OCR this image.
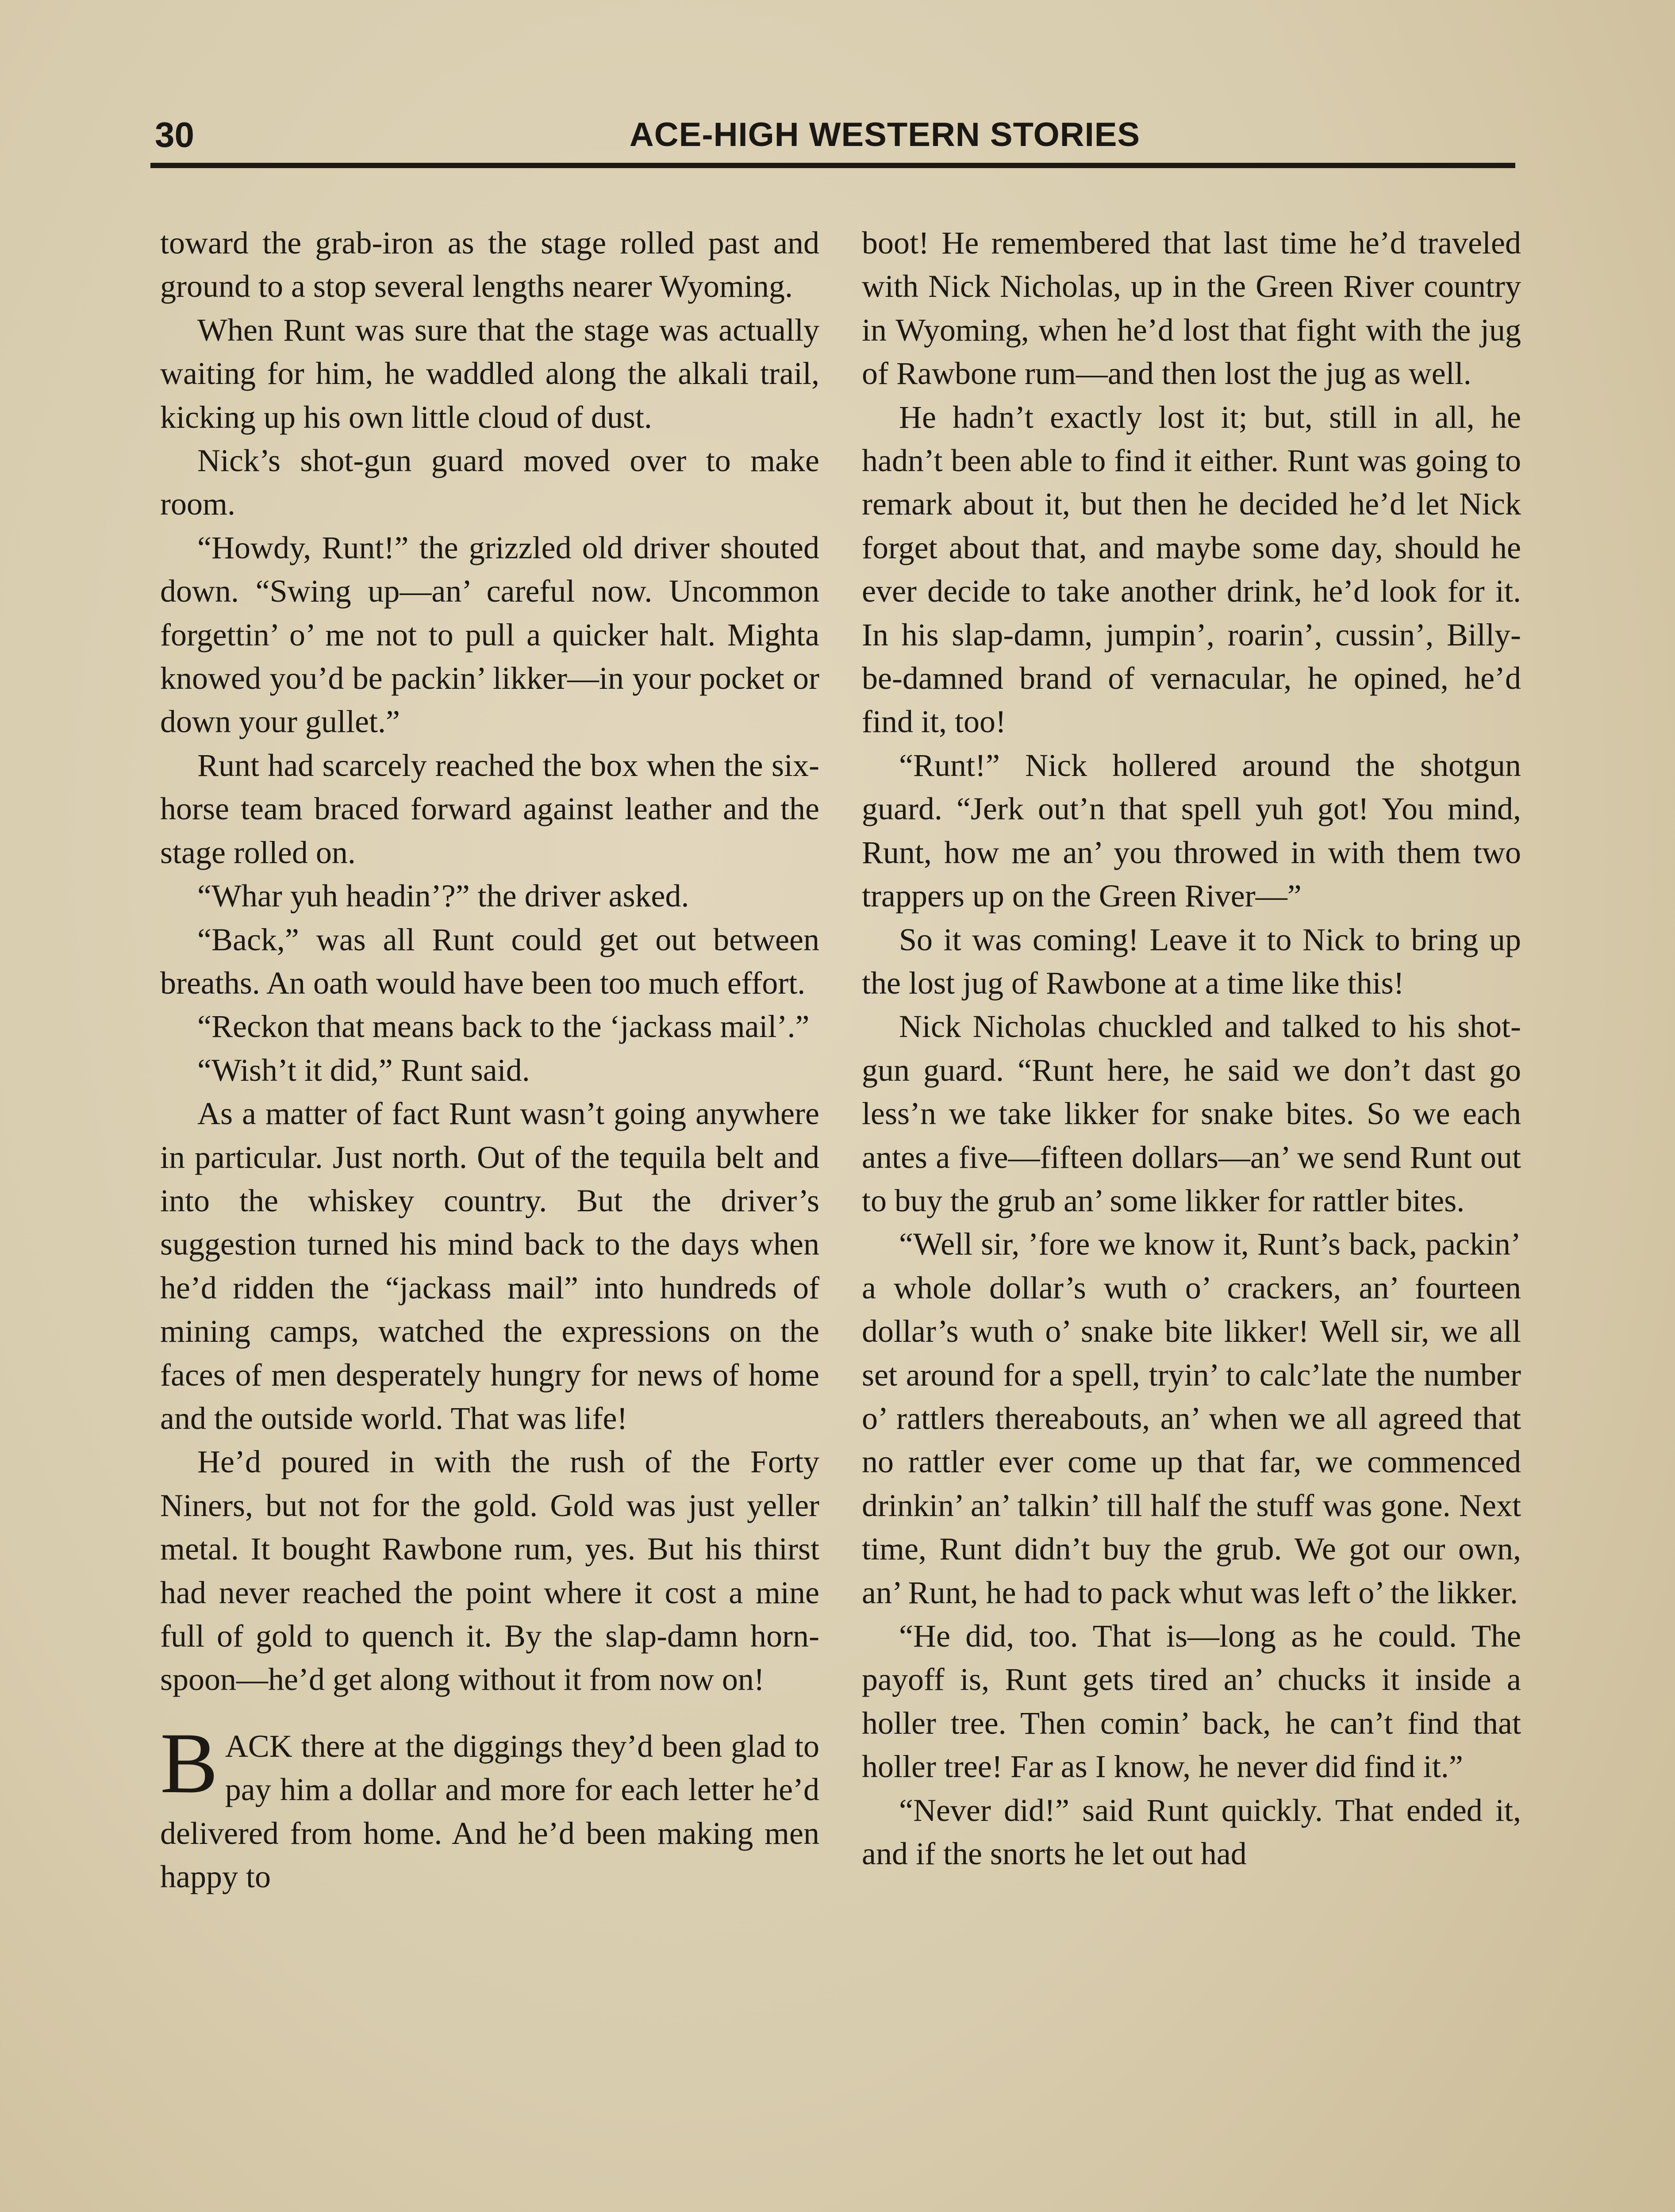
30	ACE-HIGH WESTERN STORIES

toward the grab-iron as the stage rolled past and ground to a stop several lengths nearer Wyoming.

When Runt was sure that the stage was actually waiting for him, he waddled along the alkali trail, kicking up his own little cloud of dust.

Nick’s shot-gun guard moved over to make room.

“Howdy, Runt!” the grizzled old driver shouted down. “Swing up—an’ careful now. Uncommon forgettin’ o’ me not to pull a quicker halt. Mighta knowed you’d be packin’ likker—in your pocket or down your gullet.”

Runt had scarcely reached the box when the six-horse team braced forward against leather and the stage rolled on.

“Whar yuh headin’?” the driver asked.

“Back,” was all Runt could get out between breaths. An oath would have been too much effort.

“Reckon that means back to the ‘jackass mail’.”

“Wish’t it did,” Runt said.

As a matter of fact Runt wasn’t going anywhere in particular. Just north. Out of the tequila belt and into the whiskey country. But the driver’s suggestion turned his mind back to the days when he’d ridden the “jackass mail” into hundreds of mining camps, watched the expressions on the faces of men desperately hungry for news of home and the outside world. That was life!

He’d poured in with the rush of the Forty Niners, but not for the gold. Gold was just yeller metal. It bought Rawbone rum, yes. But his thirst had never reached the point where it cost a mine full of gold to quench it. By the slap-damn horn-spoon—he’d get along without it from now on!

BACK there at the diggings they’d been glad to pay him a dollar and more for each letter he’d delivered from home. And he’d been making men happy to

boot! He remembered that last time he’d traveled with Nick Nicholas, up in the Green River country in Wyoming, when he’d lost that fight with the jug of Rawbone rum—and then lost the jug as well.

He hadn’t exactly lost it; but, still in all, he hadn’t been able to find it either. Runt was going to remark about it, but then he decided he’d let Nick forget about that, and maybe some day, should he ever decide to take another drink, he’d look for it. In his slap-damn, jumpin’, roarin’, cussin’, Billy-be-damned brand of vernacular, he opined, he’d find it, too!

“Runt!” Nick hollered around the shotgun guard. “Jerk out’n that spell yuh got! You mind, Runt, how me an’ you throwed in with them two trappers up on the Green River—”

So it was coming! Leave it to Nick to bring up the lost jug of Rawbone at a time like this!

Nick Nicholas chuckled and talked to his shot-gun guard. “Runt here, he said we don’t dast go less’n we take likker for snake bites. So we each antes a five—fifteen dollars—an’ we send Runt out to buy the grub an’ some likker for rattler bites.

“Well sir, ’fore we know it, Runt’s back, packin’ a whole dollar’s wuth o’ crackers, an’ fourteen dollar’s wuth o’ snake bite likker! Well sir, we all set around for a spell, tryin’ to calc’late the number o’ rattlers thereabouts, an’ when we all agreed that no rattler ever come up that far, we commenced drinkin’ an’ talkin’ till half the stuff was gone. Next time, Runt didn’t buy the grub. We got our own, an’ Runt, he had to pack whut was left o’ the likker.

“He did, too. That is—long as he could. The payoff is, Runt gets tired an’ chucks it inside a holler tree. Then comin’ back, he can’t find that holler tree! Far as I know, he never did find it.”

“Never did!” said Runt quickly. That ended it, and if the snorts he let out had
